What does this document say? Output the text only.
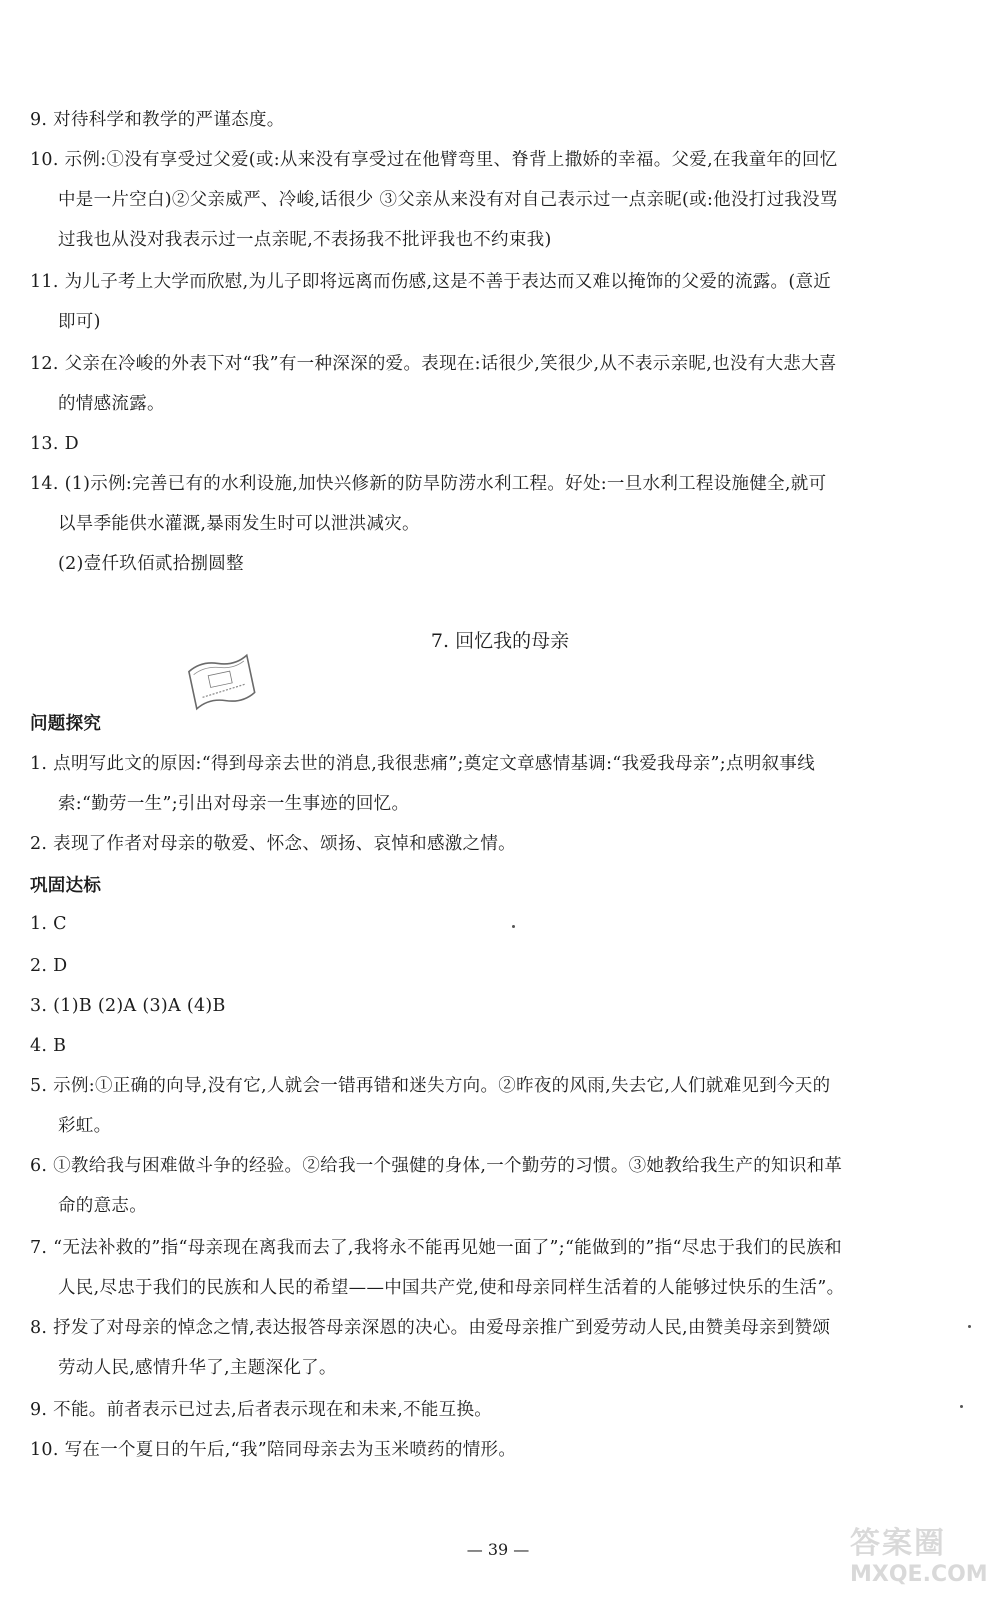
9. 对待科学和教学的严谨态度。
10. 示例:①没有享受过父爱(或:从来没有享受过在他臂弯里、脊背上撒娇的幸福。父爱,在我童年的回忆
中是一片空白)②父亲威严、冷峻,话很少 ③父亲从来没有对自己表示过一点亲昵(或:他没打过我没骂
过我也从没对我表示过一点亲昵,不表扬我不批评我也不约束我)
11. 为儿子考上大学而欣慰,为儿子即将远离而伤感,这是不善于表达而又难以掩饰的父爱的流露。(意近
即可)
12. 父亲在冷峻的外表下对“我”有一种深深的爱。表现在:话很少,笑很少,从不表示亲昵,也没有大悲大喜
的情感流露。
13. D
14. (1)示例:完善已有的水利设施,加快兴修新的防旱防涝水利工程。好处:一旦水利工程设施健全,就可
以旱季能供水灌溉,暴雨发生时可以泄洪减灾。
(2)壹仟玖佰贰拾捌圆整
7. 回忆我的母亲
问题探究
1. 点明写此文的原因:“得到母亲去世的消息,我很悲痛”;奠定文章感情基调:“我爱我母亲”;点明叙事线
索:“勤劳一生”;引出对母亲一生事迹的回忆。
2. 表现了作者对母亲的敬爱、怀念、颂扬、哀悼和感激之情。
巩固达标
1. C
2. D
3. (1)B (2)A (3)A (4)B
4. B
5. 示例:①正确的向导,没有它,人就会一错再错和迷失方向。②昨夜的风雨,失去它,人们就难见到今天的
彩虹。
6. ①教给我与困难做斗争的经验。②给我一个强健的身体,一个勤劳的习惯。③她教给我生产的知识和革
命的意志。
7. “无法补救的”指“母亲现在离我而去了,我将永不能再见她一面了”;“能做到的”指“尽忠于我们的民族和
人民,尽忠于我们的民族和人民的希望——中国共产党,使和母亲同样生活着的人能够过快乐的生活”。
8. 抒发了对母亲的悼念之情,表达报答母亲深恩的决心。由爱母亲推广到爱劳动人民,由赞美母亲到赞颂
劳动人民,感情升华了,主题深化了。
9. 不能。前者表示已过去,后者表示现在和未来,不能互换。
10. 写在一个夏日的午后,“我”陪同母亲去为玉米喷药的情形。
— 39 —	答案圈
MXQE.COM
